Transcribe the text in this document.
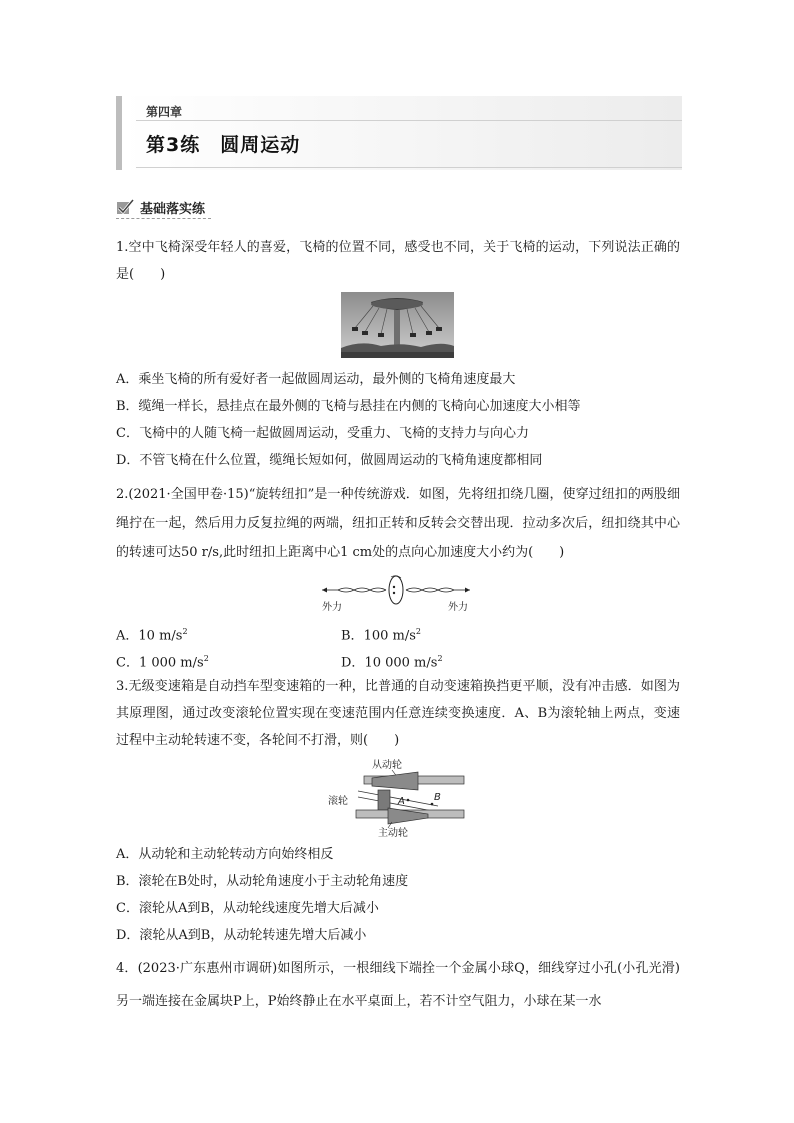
第四章
第3练　圆周运动
基础落实练
1.空中飞椅深受年轻人的喜爱，飞椅的位置不同，感受也不同，关于飞椅的运动，下列说法正确的是(　　)
A．乘坐飞椅的所有爱好者一起做圆周运动，最外侧的飞椅角速度最大
B．缆绳一样长，悬挂点在最外侧的飞椅与悬挂在内侧的飞椅向心加速度大小相等
C．飞椅中的人随飞椅一起做圆周运动，受重力、飞椅的支持力与向心力
D．不管飞椅在什么位置，缆绳长短如何，做圆周运动的飞椅角速度都相同
2.(2021·全国甲卷·15)“旋转纽扣”是一种传统游戏．如图，先将纽扣绕几圈，使穿过纽扣的两股细绳拧在一起，然后用力反复拉绳的两端，纽扣正转和反转会交替出现．拉动多次后，纽扣绕其中心的转速可达50 r/s,此时纽扣上距离中心1 cm处的点向心加速度大小约为(　　)
外力	外力
A．10 $m/s^2$	B．100 $m/s^2$
C．1 000 $m/s^2$	D．10 000 $m/s^2$
3.无级变速箱是自动挡车型变速箱的一种，比普通的自动变速箱换挡更平顺，没有冲击感．如图为其原理图，通过改变滚轮位置实现在变速范围内任意连续变换速度．A、B为滚轮轴上两点，变速过程中主动轮转速不变，各轮间不打滑，则(　　)
从动轮
滚轮	A	B
主动轮
A．从动轮和主动轮转动方向始终相反
B．滚轮在B处时，从动轮角速度小于主动轮角速度
C．滚轮从A到B，从动轮线速度先增大后减小
D．滚轮从A到B，从动轮转速先增大后减小
4．(2023·广东惠州市调研)如图所示，一根细线下端拴一个金属小球Q，细线穿过小孔(小孔光滑)另一端连接在金属块P上，P始终静止在水平桌面上，若不计空气阻力，小球在某一水
